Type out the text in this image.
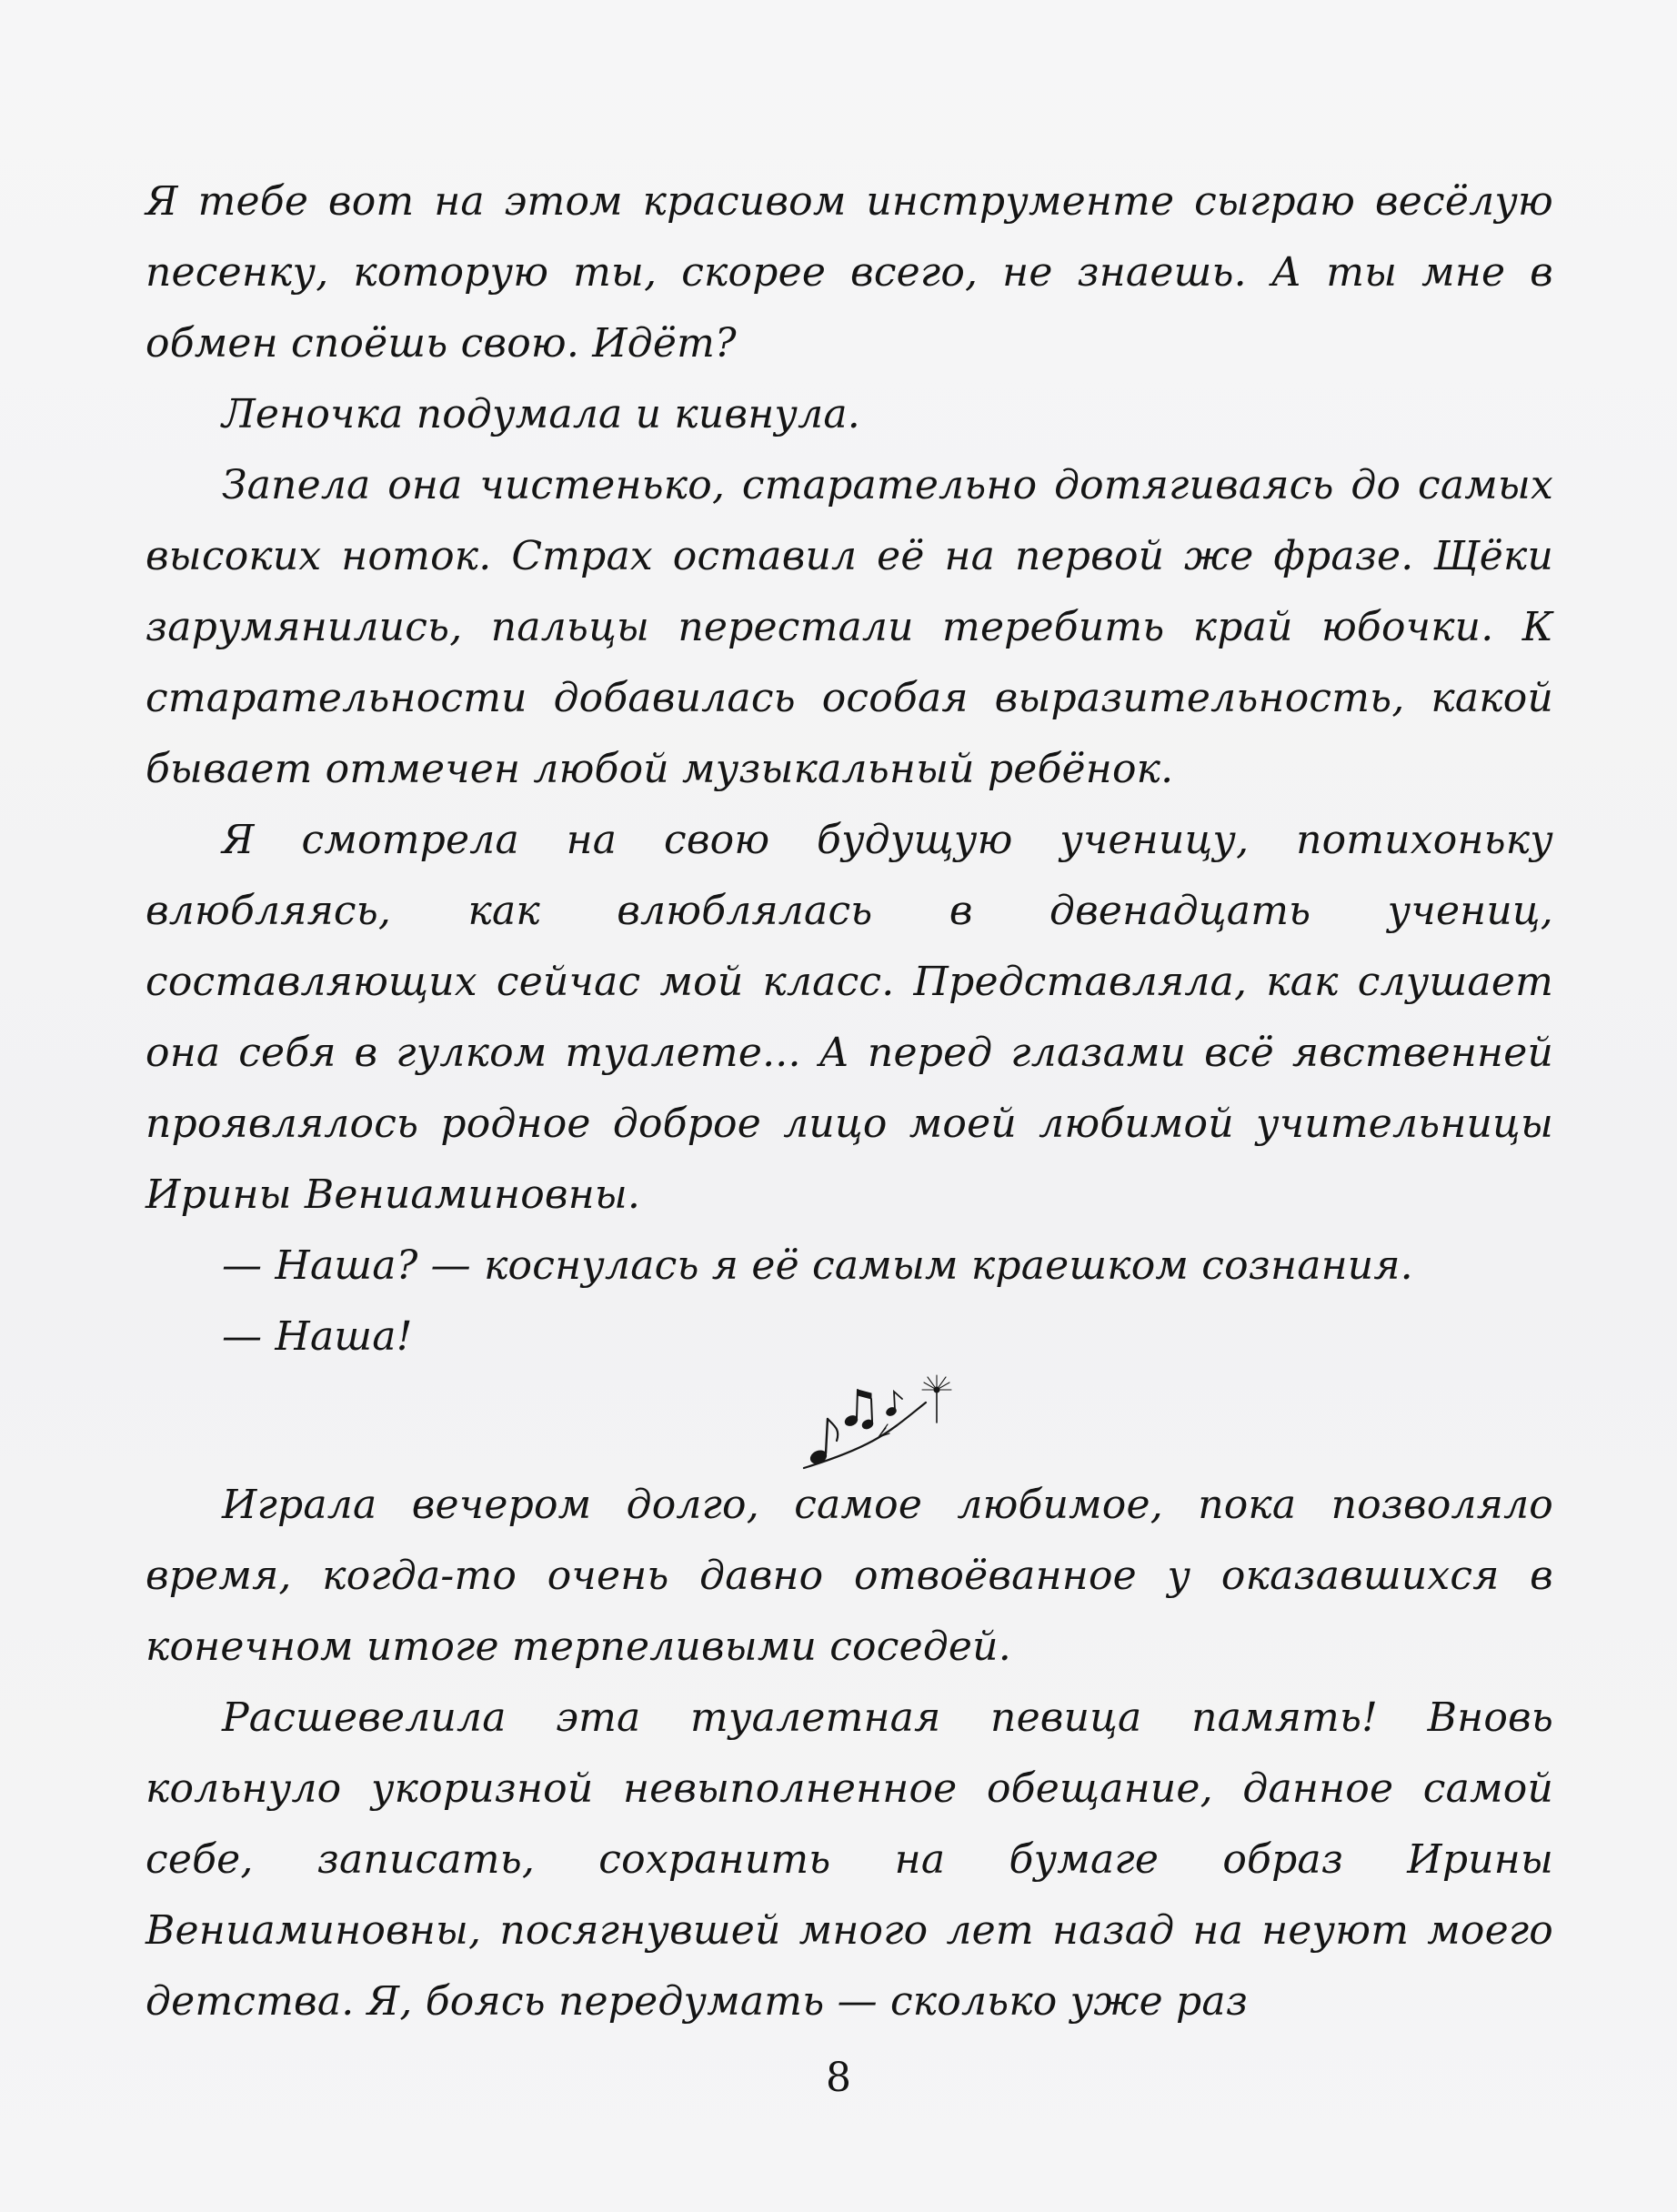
Я тебе вот на этом красивом инструменте сыграю весёлую песенку, которую ты, скорее всего, не знаешь. А ты мне в обмен споёшь свою. Идёт?

Леночка подумала и кивнула.

Запела она чистенько, старательно дотягиваясь до самых высоких ноток. Страх оставил её на первой же фразе. Щёки зарумянились, пальцы перестали теребить край юбочки. К старательности добавилась особая выразительность, какой бывает отмечен любой музыкальный ребёнок.

Я смотрела на свою будущую ученицу, потихоньку влюбляясь, как влюблялась в двенадцать учениц, составляющих сейчас мой класс. Представляла, как слушает она себя в гулком туалете... А перед глазами всё явственней проявлялось родное доброе лицо моей любимой учительницы Ирины Вениаминовны.

— Наша? — коснулась я её самым краешком сознания.

— Наша!

Играла вечером долго, самое любимое, пока позволяло время, когда-то очень давно отвоёванное у оказавшихся в конечном итоге терпеливыми соседей.

Расшевелила эта туалетная певица память! Вновь кольнуло укоризной невыполненное обещание, данное самой себе, записать, сохранить на бумаге образ Ирины Вениаминовны, посягнувшей много лет назад на неуют моего детства. Я, боясь передумать — сколько уже раз

8
